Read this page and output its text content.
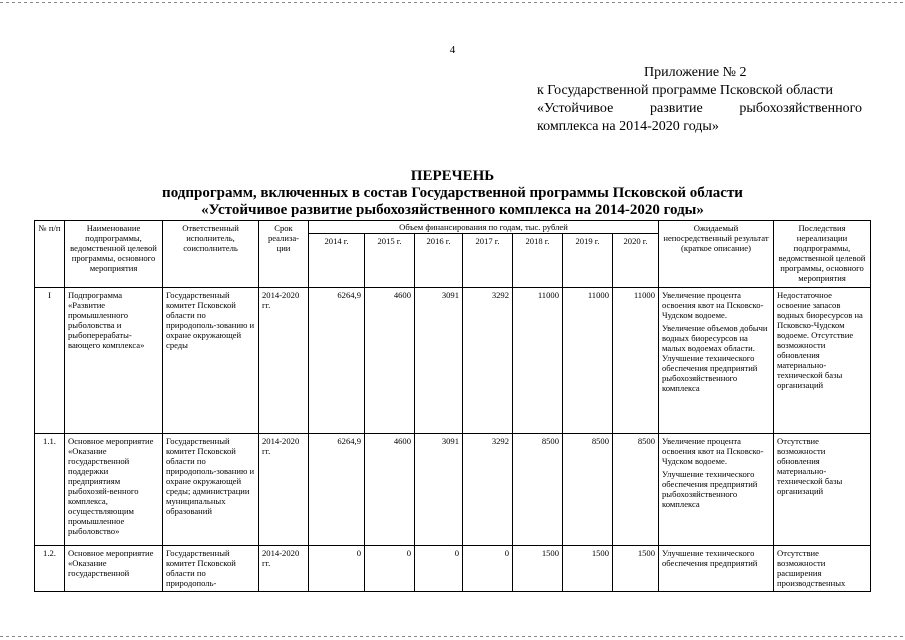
4
Приложение № 2
к Государственной программе Псковской области
«Устойчивое развитие рыбохозяйственного
комплекса на 2014-2020 годы»
ПЕРЕЧЕНЬ
подпрограмм, включенных в состав Государственной программы Псковской области
«Устойчивое развитие рыбохозяйственного комплекса на 2014-2020 годы»
№ п/п	Наименование подпрограммы, ведомственной целевой программы, основного мероприятия	Ответственный исполнитель, соисполнитель	Срок реализа-ции	Объем финансирования по годам, тыс. рублей							Ожидаемый непосредственный результат (краткое описание)	Последствия нереализации подпрограммы, ведомственной целевой программы, основного мероприятия
				2014 г.	2015 г.	2016 г.	2017 г.	2018 г.	2019 г.	2020 г.		
I	Подпрограмма «Развитие промышленного рыболовства и рыбоперерабаты-вающего комплекса»	Государственный комитет Псковской области по природополь-зованию и охране окружающей среды	2014-2020 гг.	6264,9	4600	3091	3292	11000	11000	11000	Увеличение процента освоения квот на Псковско-Чудском водоеме.
Увеличение объемов добычи водных биоресурсов на малых водоемах области. Улучшение технического обеспечения предприятий рыбохозяйственного комплекса	Недостаточное освоение запасов водных биоресурсов на Псковско-Чудском водоеме. Отсутствие возможности обновления материально-технической базы организаций
1.1.	Основное мероприятие «Оказание государственной поддержки предприятиям рыбохозяй-венного комплекса, осуществляющим промышленное рыболовство»	Государственный комитет Псковской области по природополь-зованию и охране окружающей среды; администрации муниципальных образований	2014-2020 гг.	6264,9	4600	3091	3292	8500	8500	8500	Увеличение процента освоения квот на Псковско-Чудском водоеме.
Улучшение технического обеспечения предприятий рыбохозяйственного комплекса	Отсутствие возможности обновления материально-технической базы организаций
1.2.	Основное мероприятие «Оказание государственной	Государственный комитет Псковской области по природополь-	2014-2020 гг.	0	0	0	0	1500	1500	1500	Улучшение технического обеспечения предприятий	Отсутствие возможности расширения производственных
